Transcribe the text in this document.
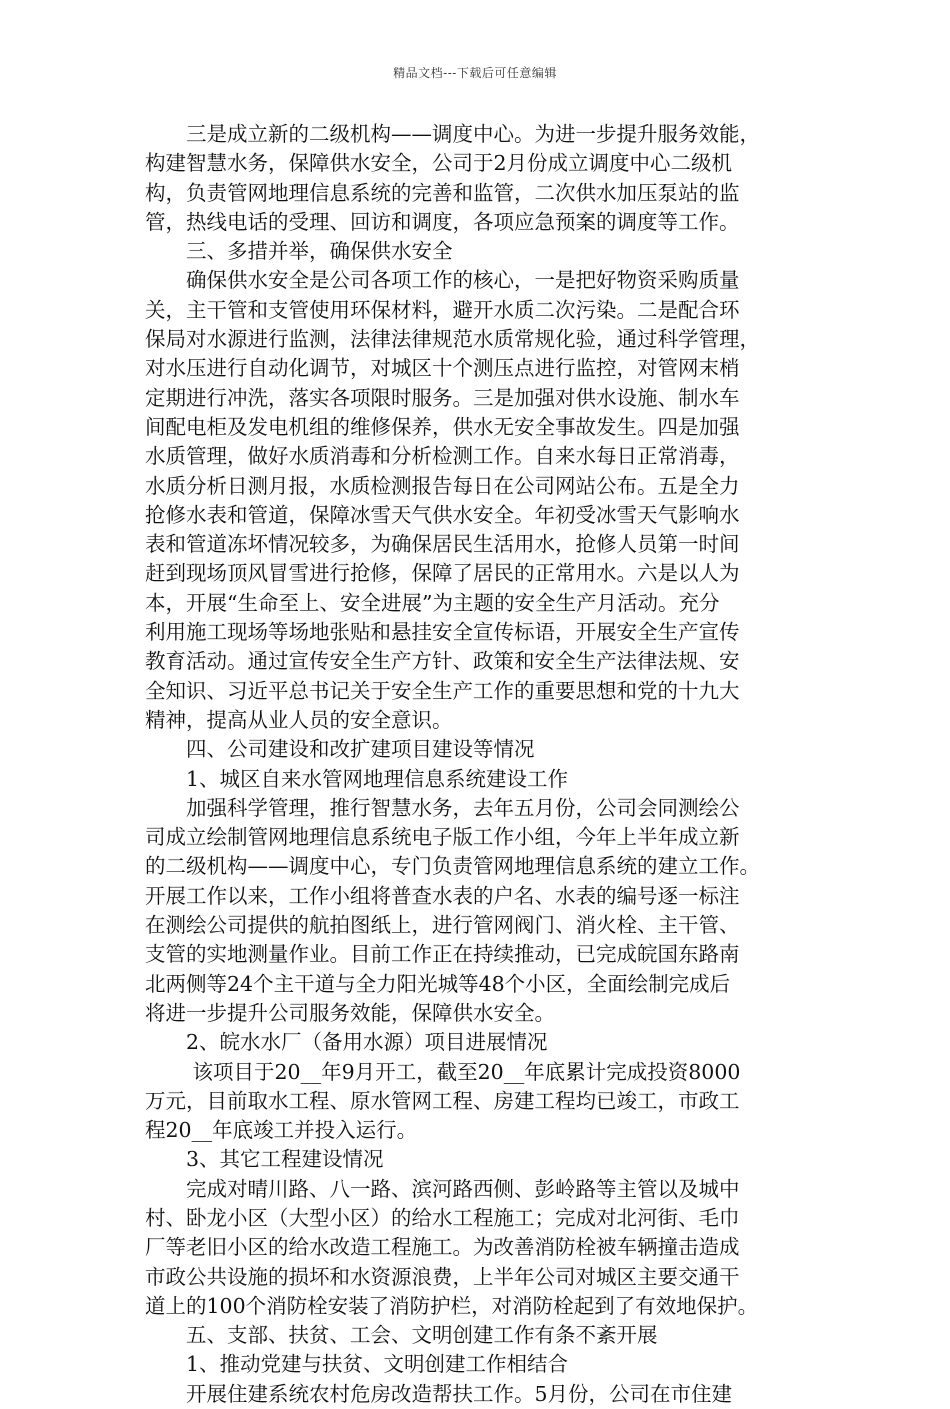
精品文档---下载后可任意编辑
　　三是成立新的二级机构——调度中心。为进一步提升服务效能，
构建智慧水务，保障供水安全，公司于2月份成立调度中心二级机
构，负责管网地理信息系统的完善和监管，二次供水加压泵站的监
管，热线电话的受理、回访和调度，各项应急预案的调度等工作。
　　三、多措并举，确保供水安全
　　确保供水安全是公司各项工作的核心，一是把好物资采购质量
关，主干管和支管使用环保材料，避开水质二次污染。二是配合环
保局对水源进行监测，法律法律规范水质常规化验，通过科学管理，
对水压进行自动化调节，对城区十个测压点进行监控，对管网末梢
定期进行冲洗，落实各项限时服务。三是加强对供水设施、制水车
间配电柜及发电机组的维修保养，供水无安全事故发生。四是加强
水质管理，做好水质消毒和分析检测工作。自来水每日正常消毒，
水质分析日测月报，水质检测报告每日在公司网站公布。五是全力
抢修水表和管道，保障冰雪天气供水安全。年初受冰雪天气影响水
表和管道冻坏情况较多，为确保居民生活用水，抢修人员第一时间
赶到现场顶风冒雪进行抢修，保障了居民的正常用水。六是以人为
本，开展“生命至上、安全进展”为主题的安全生产月活动。充分
利用施工现场等场地张贴和悬挂安全宣传标语，开展安全生产宣传
教育活动。通过宣传安全生产方针、政策和安全生产法律法规、安
全知识、习近平总书记关于安全生产工作的重要思想和党的十九大
精神，提高从业人员的安全意识。
　　四、公司建设和改扩建项目建设等情况
　　1、城区自来水管网地理信息系统建设工作
　　加强科学管理，推行智慧水务，去年五月份，公司会同测绘公
司成立绘制管网地理信息系统电子版工作小组，今年上半年成立新
的二级机构——调度中心，专门负责管网地理信息系统的建立工作。
开展工作以来，工作小组将普查水表的户名、水表的编号逐一标注
在测绘公司提供的航拍图纸上，进行管网阀门、消火栓、主干管、
支管的实地测量作业。目前工作正在持续推动，已完成皖国东路南
北两侧等24个主干道与全力阳光城等48个小区，全面绘制完成后
将进一步提升公司服务效能，保障供水安全。
　　2、皖水水厂（备用水源）项目进展情况
　　 该项目于20__年9月开工，截至20__年底累计完成投资8000
万元，目前取水工程、原水管网工程、房建工程均已竣工，市政工
程20__年底竣工并投入运行。
　　3、其它工程建设情况
　　完成对晴川路、八一路、滨河路西侧、彭岭路等主管以及城中
村、卧龙小区（大型小区）的给水工程施工；完成对北河街、毛巾
厂等老旧小区的给水改造工程施工。为改善消防栓被车辆撞击造成
市政公共设施的损坏和水资源浪费，上半年公司对城区主要交通干
道上的100个消防栓安装了消防护栏，对消防栓起到了有效地保护。
　　五、支部、扶贫、工会、文明创建工作有条不紊开展
　　1、推动党建与扶贫、文明创建工作相结合
　　开展住建系统农村危房改造帮扶工作。5月份，公司在市住建
